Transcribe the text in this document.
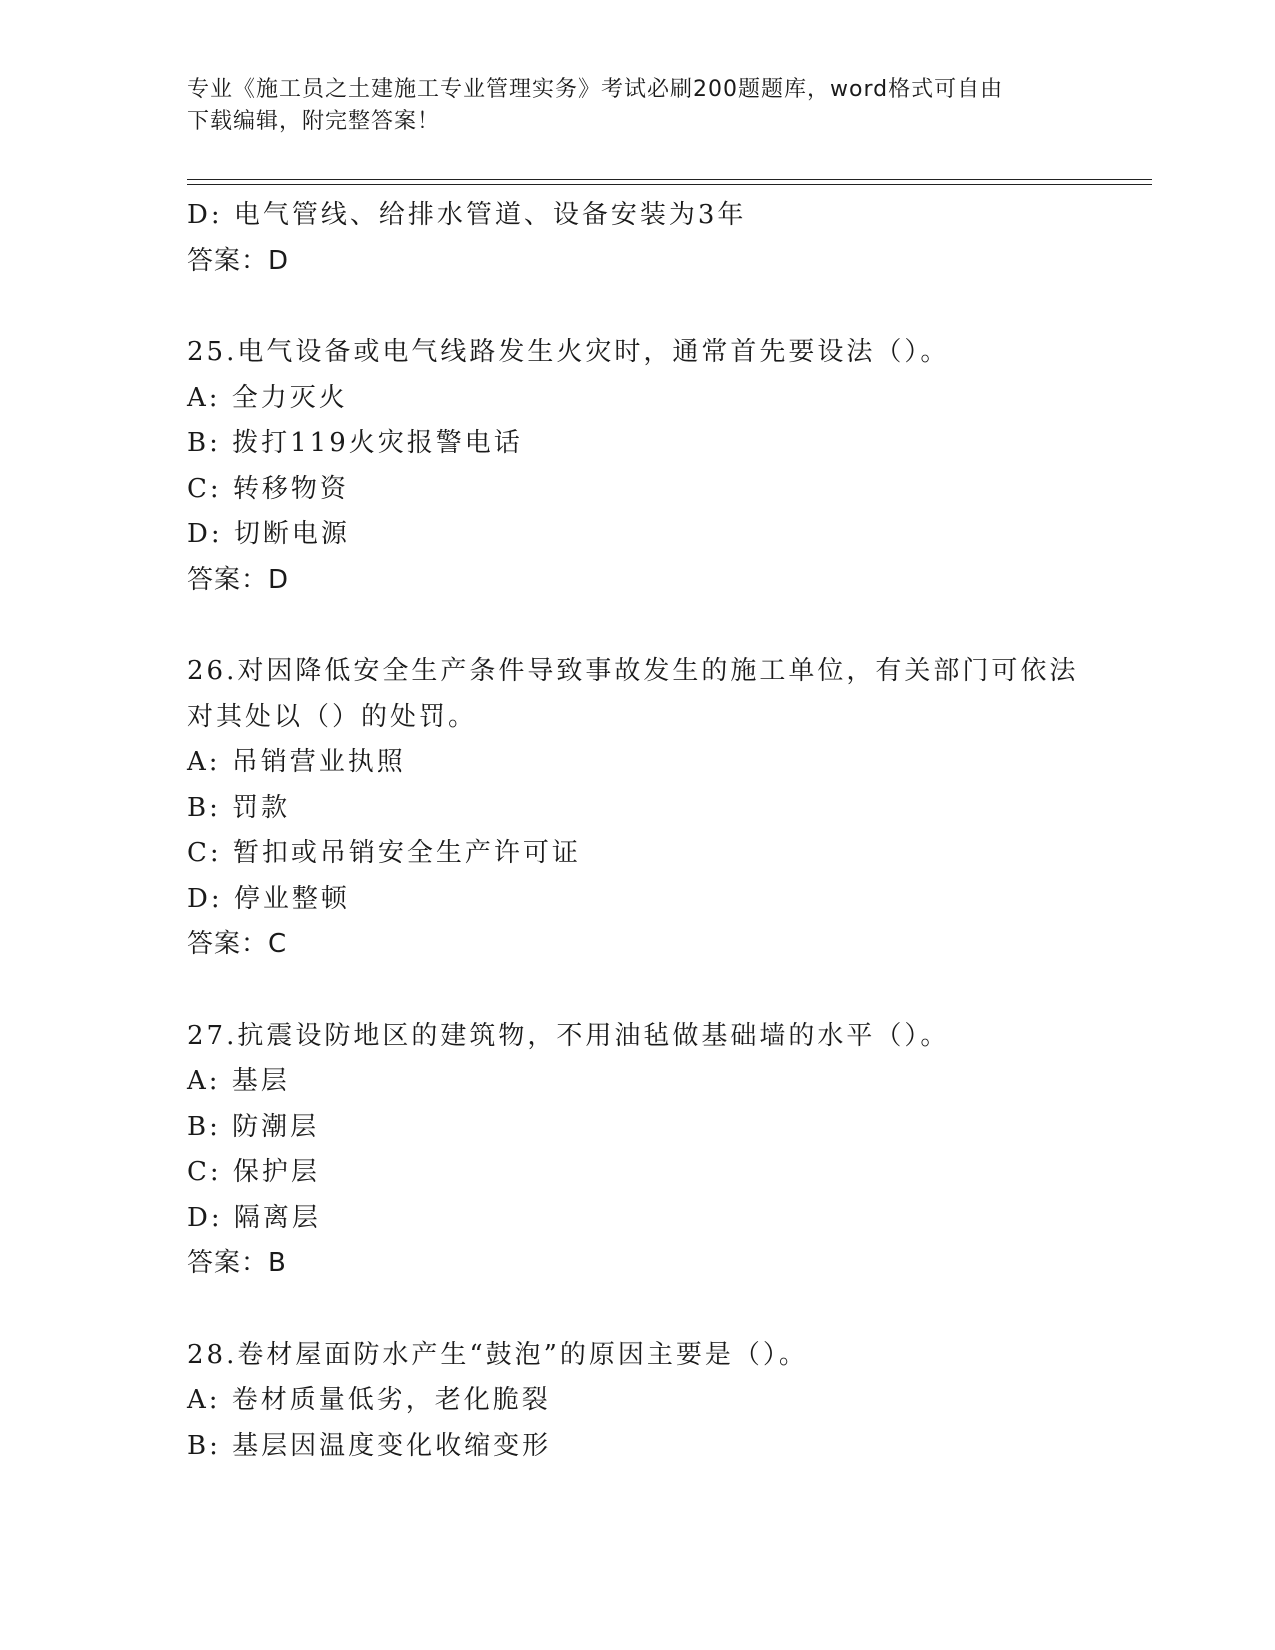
专业《施工员之土建施工专业管理实务》考试必刷200题题库，word格式可自由
下载编辑，附完整答案！
D: 电气管线、给排水管道、设备安装为3年
答案：D
25.电气设备或电气线路发生火灾时，通常首先要设法（）。
A: 全力灭火
B: 拨打119火灾报警电话
C: 转移物资
D: 切断电源
答案：D
26.对因降低安全生产条件导致事故发生的施工单位，有关部门可依法
对其处以（）的处罚。
A: 吊销营业执照
B: 罚款
C: 暂扣或吊销安全生产许可证
D: 停业整顿
答案：C
27.抗震设防地区的建筑物，不用油毡做基础墙的水平（）。
A: 基层
B: 防潮层
C: 保护层
D: 隔离层
答案：B
28.卷材屋面防水产生“鼓泡”的原因主要是（）。
A: 卷材质量低劣，老化脆裂
B: 基层因温度变化收缩变形
